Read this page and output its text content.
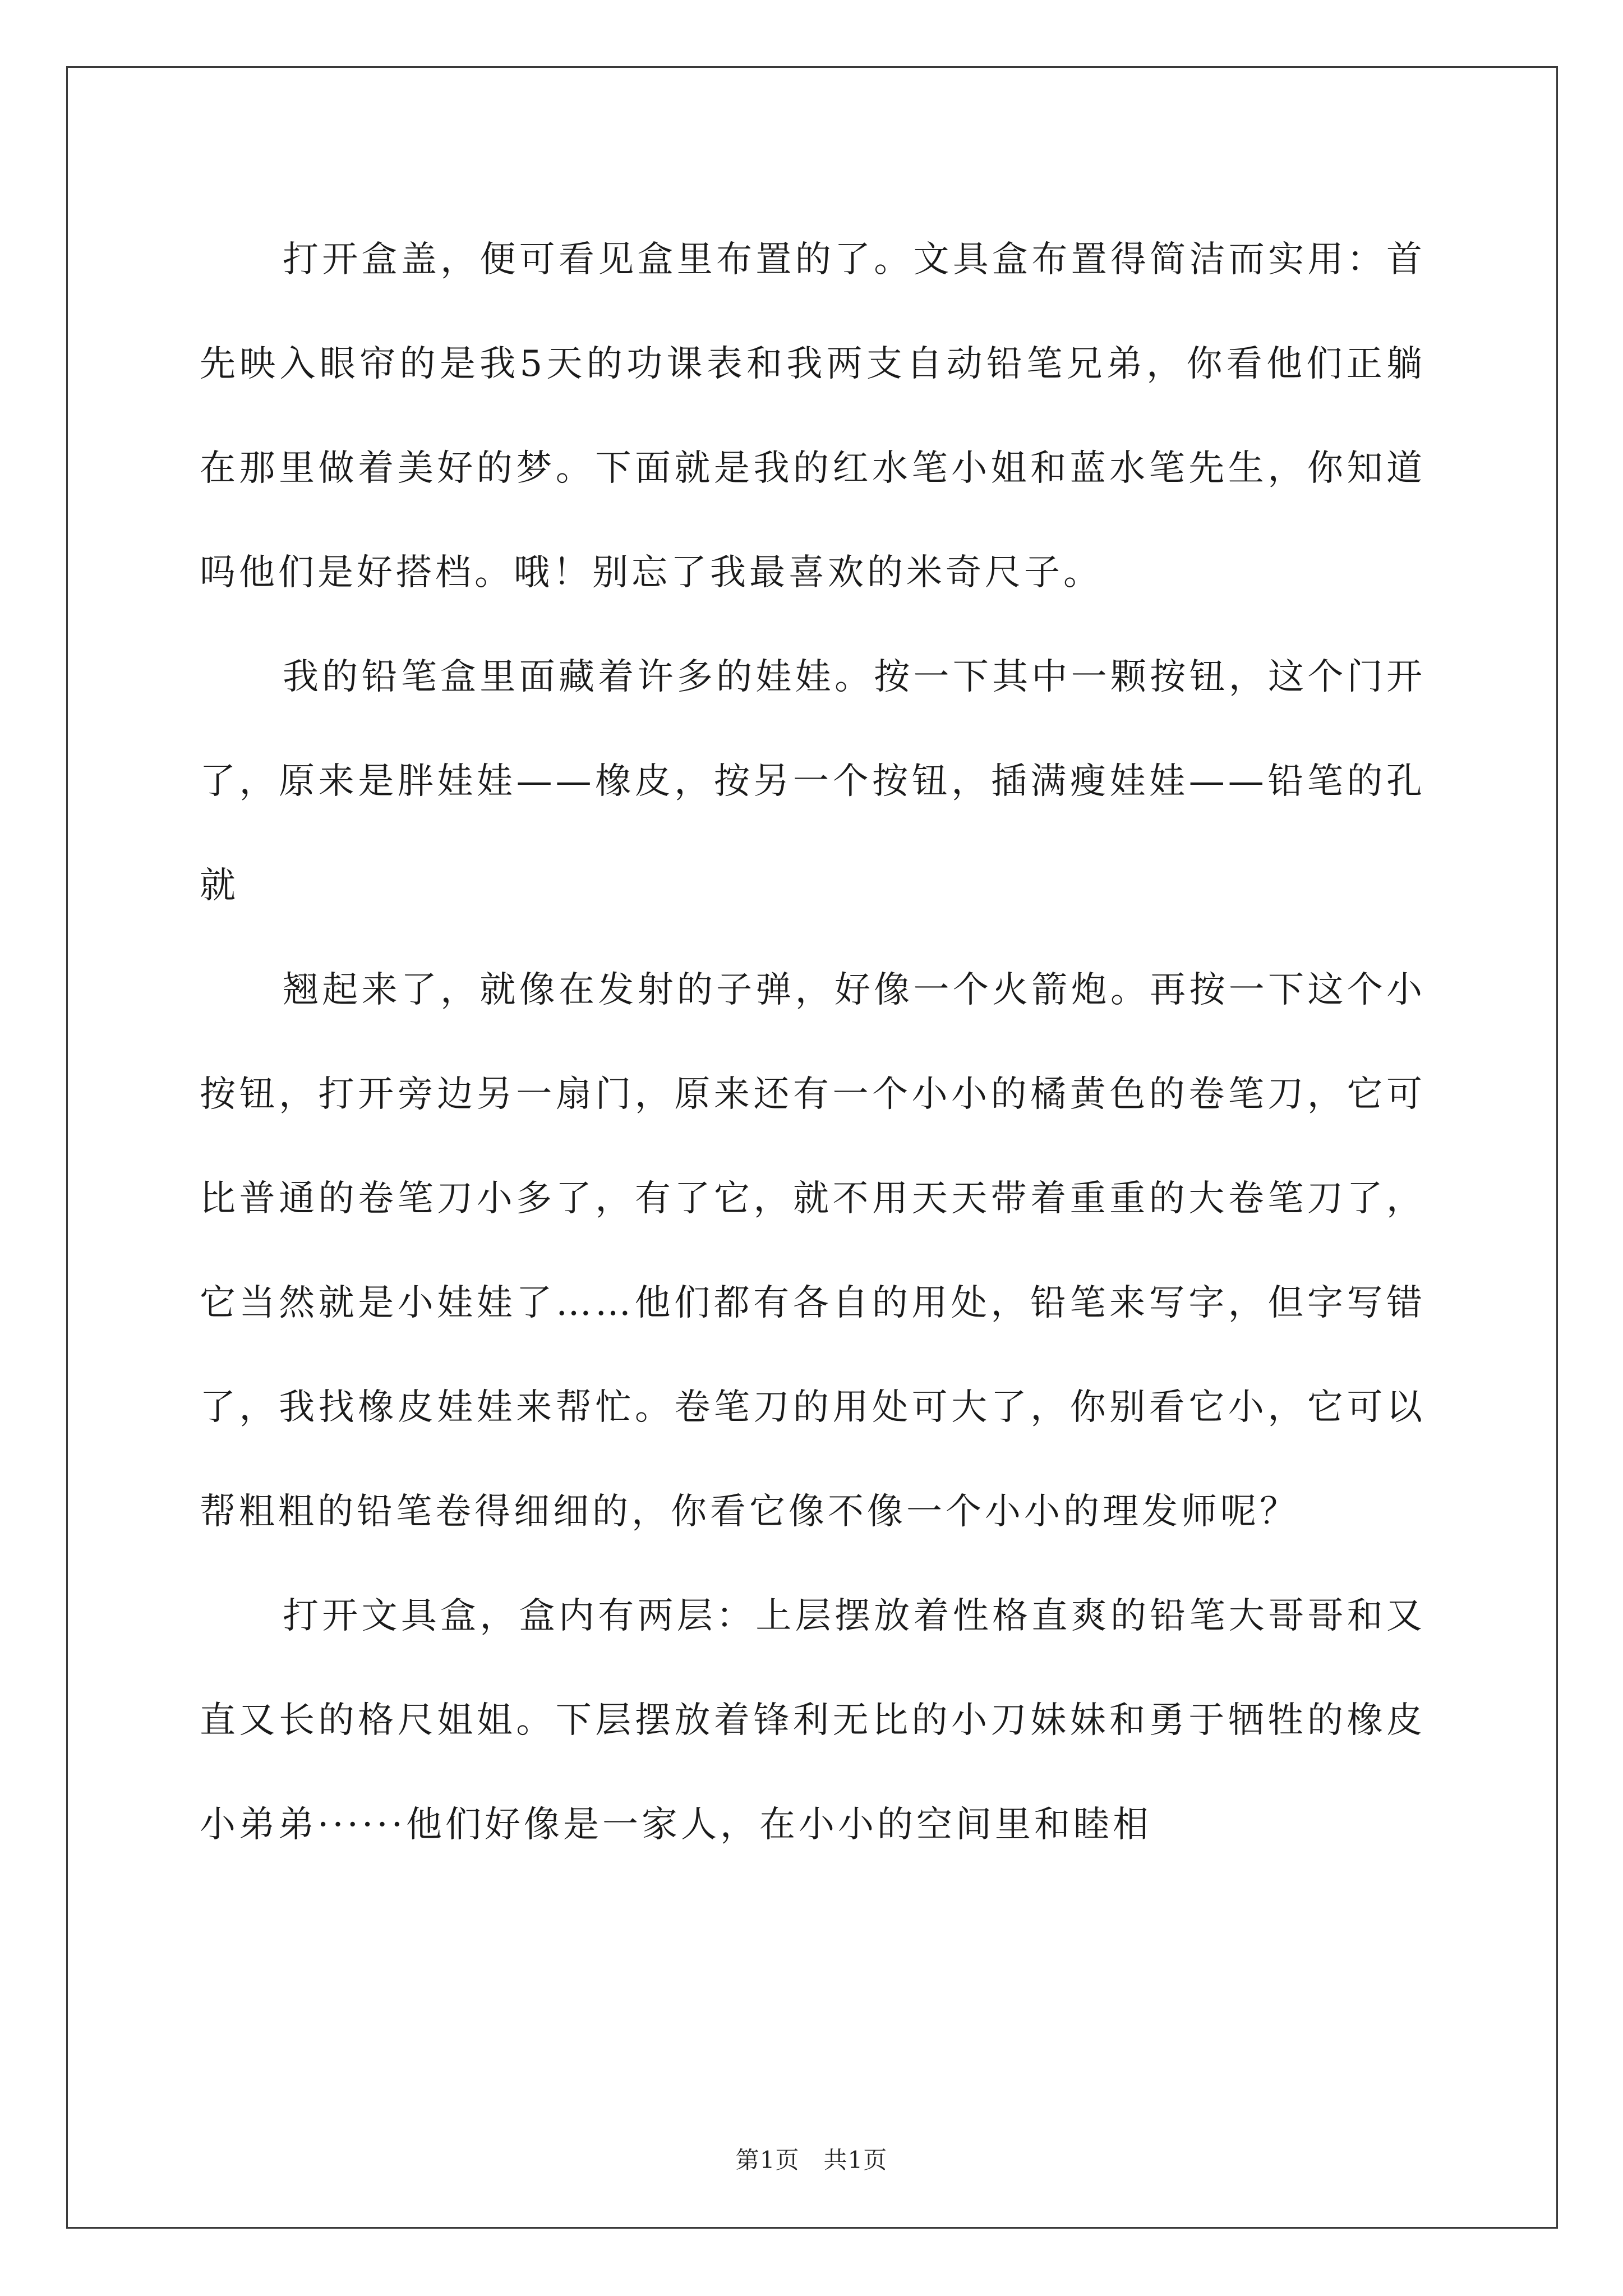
打开盒盖，便可看见盒里布置的了。文具盒布置得简洁而实用：首先映入眼帘的是我5天的功课表和我两支自动铅笔兄弟，你看他们正躺在那里做着美好的梦。下面就是我的红水笔小姐和蓝水笔先生，你知道吗他们是好搭档。哦！别忘了我最喜欢的米奇尺子。

我的铅笔盒里面藏着许多的娃娃。按一下其中一颗按钮，这个门开了，原来是胖娃娃——橡皮，按另一个按钮，插满瘦娃娃——铅笔的孔就

翘起来了，就像在发射的子弹，好像一个火箭炮。再按一下这个小按钮，打开旁边另一扇门，原来还有一个小小的橘黄色的卷笔刀，它可比普通的卷笔刀小多了，有了它，就不用天天带着重重的大卷笔刀了，它当然就是小娃娃了……他们都有各自的用处，铅笔来写字，但字写错了，我找橡皮娃娃来帮忙。卷笔刀的用处可大了，你别看它小，它可以帮粗粗的铅笔卷得细细的，你看它像不像一个小小的理发师呢？

打开文具盒，盒内有两层：上层摆放着性格直爽的铅笔大哥哥和又直又长的格尺姐姐。下层摆放着锋利无比的小刀妹妹和勇于牺牲的橡皮小弟弟······他们好像是一家人，在小小的空间里和睦相

第1页   共1页
